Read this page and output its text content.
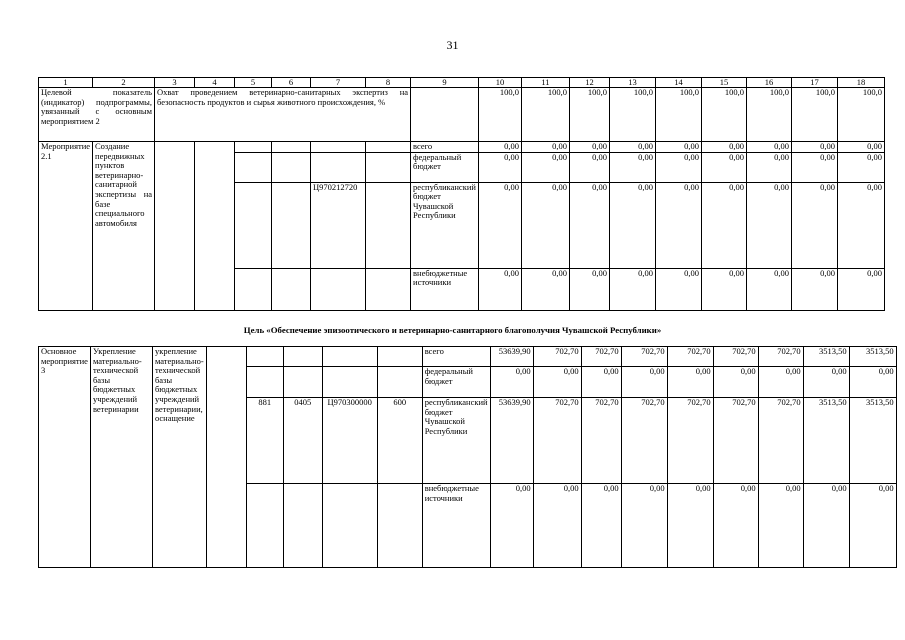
31
1	2	3	4	5	6	7	8	9	10	11	12	13	14	15	16	17	18
Целевой показатель (индикатор) подпрограммы, увязанный с основным мероприятием 2		Охват проведением ветеринарно-санитарных экспертиз на безопасность продуктов и сырья животного происхождения, %							100,0	100,0	100,0	100,0	100,0	100,0	100,0	100,0	100,0
Мероприятие 2.1	Создание передвижных пунктов ветеринарно-санитарной экспертизы на базе специального автомобиля							всего	0,00	0,00	0,00	0,00	0,00	0,00	0,00	0,00	0,00
								федеральный бюджет	0,00	0,00	0,00	0,00	0,00	0,00	0,00	0,00	0,00
						Ц970212720		республиканский бюджет Чувашской Республики	0,00	0,00	0,00	0,00	0,00	0,00	0,00	0,00	0,00
								внебюджетные источники	0,00	0,00	0,00	0,00	0,00	0,00	0,00	0,00	0,00
Цель «Обеспечение эпизоотического и ветеринарно-санитарного благополучия Чувашской Республики»
Основное мероприятие 3	Укрепление материально-технической базы бюджетных учреждений ветеринарии	укрепление материально-технической базы бюджетных учреждений ветеринарии, оснащение						всего	53639,90	702,70	702,70	702,70	702,70	702,70	702,70	3513,50	3513,50
								федеральный бюджет	0,00	0,00	0,00	0,00	0,00	0,00	0,00	0,00	0,00
				881	0405	Ц970300000	600	республиканский бюджет Чувашской Республики	53639,90	702,70	702,70	702,70	702,70	702,70	702,70	3513,50	3513,50
								внебюджетные источники	0,00	0,00	0,00	0,00	0,00	0,00	0,00	0,00	0,00
